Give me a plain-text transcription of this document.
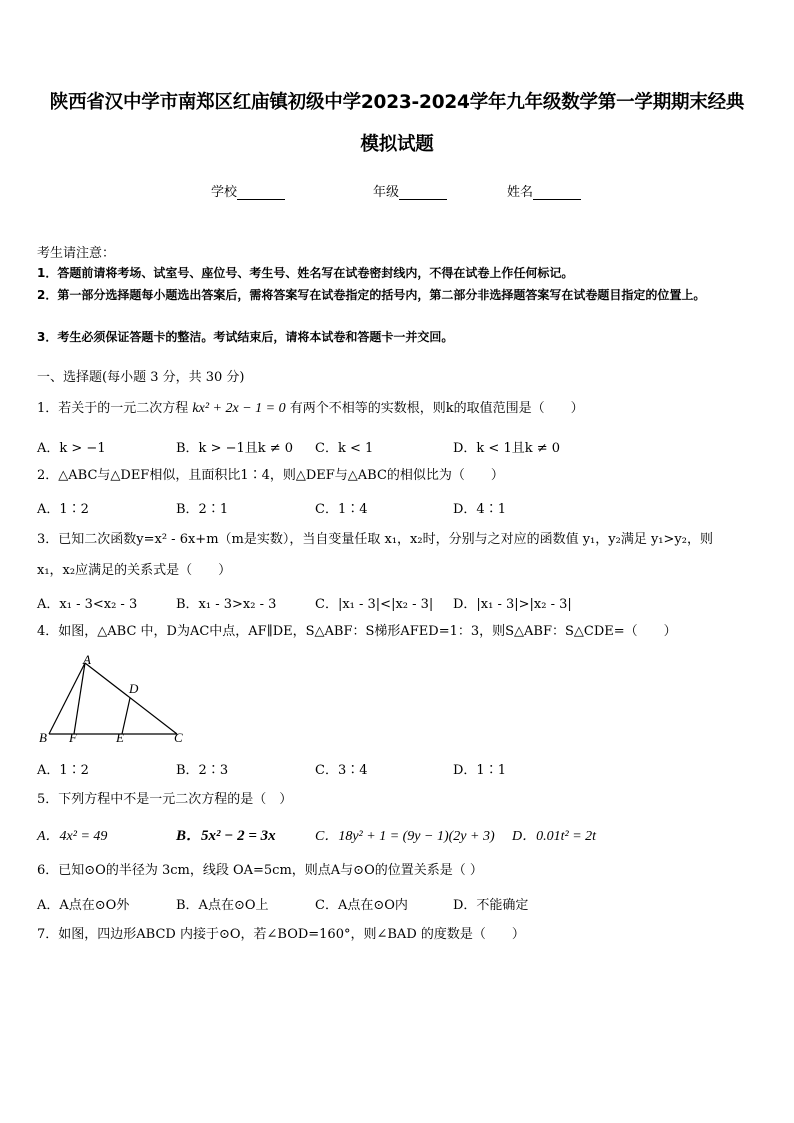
陕西省汉中学市南郑区红庙镇初级中学2023-2024学年九年级数学第一学期期末经典
模拟试题
学校	年级	姓名
考生请注意：
1．答题前请将考场、试室号、座位号、考生号、姓名写在试卷密封线内，不得在试卷上作任何标记。
2．第一部分选择题每小题选出答案后，需将答案写在试卷指定的括号内，第二部分非选择题答案写在试卷题目指定的位置上。
3．考生必须保证答题卡的整洁。考试结束后，请将本试卷和答题卡一并交回。
一、选择题(每小题 3 分，共 30 分)
1．若关于的一元二次方程 kx² + 2x − 1 = 0 有两个不相等的实数根，则k的取值范围是（　　）
A．k > −1	B．k > −1且k ≠ 0 C．k < 1	D．k < 1且k ≠ 0
2．△ABC与△DEF相似，且面积比1∶4，则△DEF与△ABC的相似比为（　　）
A．1∶2	B．2∶1	C．1∶4	D．4∶1
3．已知二次函数y=x² - 6x+m（m是实数），当自变量任取 x₁，x₂时，分别与之对应的函数值 y₁，y₂满足 y₁>y₂，则
x₁，x₂应满足的关系式是（　　）
A．x₁ - 3<x₂ - 3	B．x₁ - 3>x₂ - 3	C．|x₁ - 3|<|x₂ - 3| D．|x₁ - 3|>|x₂ - 3|
4．如图，△ABC 中，D为AC中点，AF∥DE，S△ABF：S梯形AFED=1：3，则S△ABF：S△CDE=（　　）
A
B	C
D
E
F
A．1∶2	B．2∶3	C．3∶4	D．1∶1
5．下列方程中不是一元二次方程的是（　）
A．4x² = 49	B．5x² − 2 = 3x	C．18y² + 1 = (9y − 1)(2y + 3) D．0.01t² = 2t
6．已知⊙O的半径为 3cm，线段 OA=5cm，则点A与⊙O的位置关系是（ ）
A．A点在⊙O外	B．A点在⊙O上	C．A点在⊙O内	D．不能确定
7．如图，四边形ABCD 内接于⊙O，若∠BOD=160°，则∠BAD 的度数是（　　）
